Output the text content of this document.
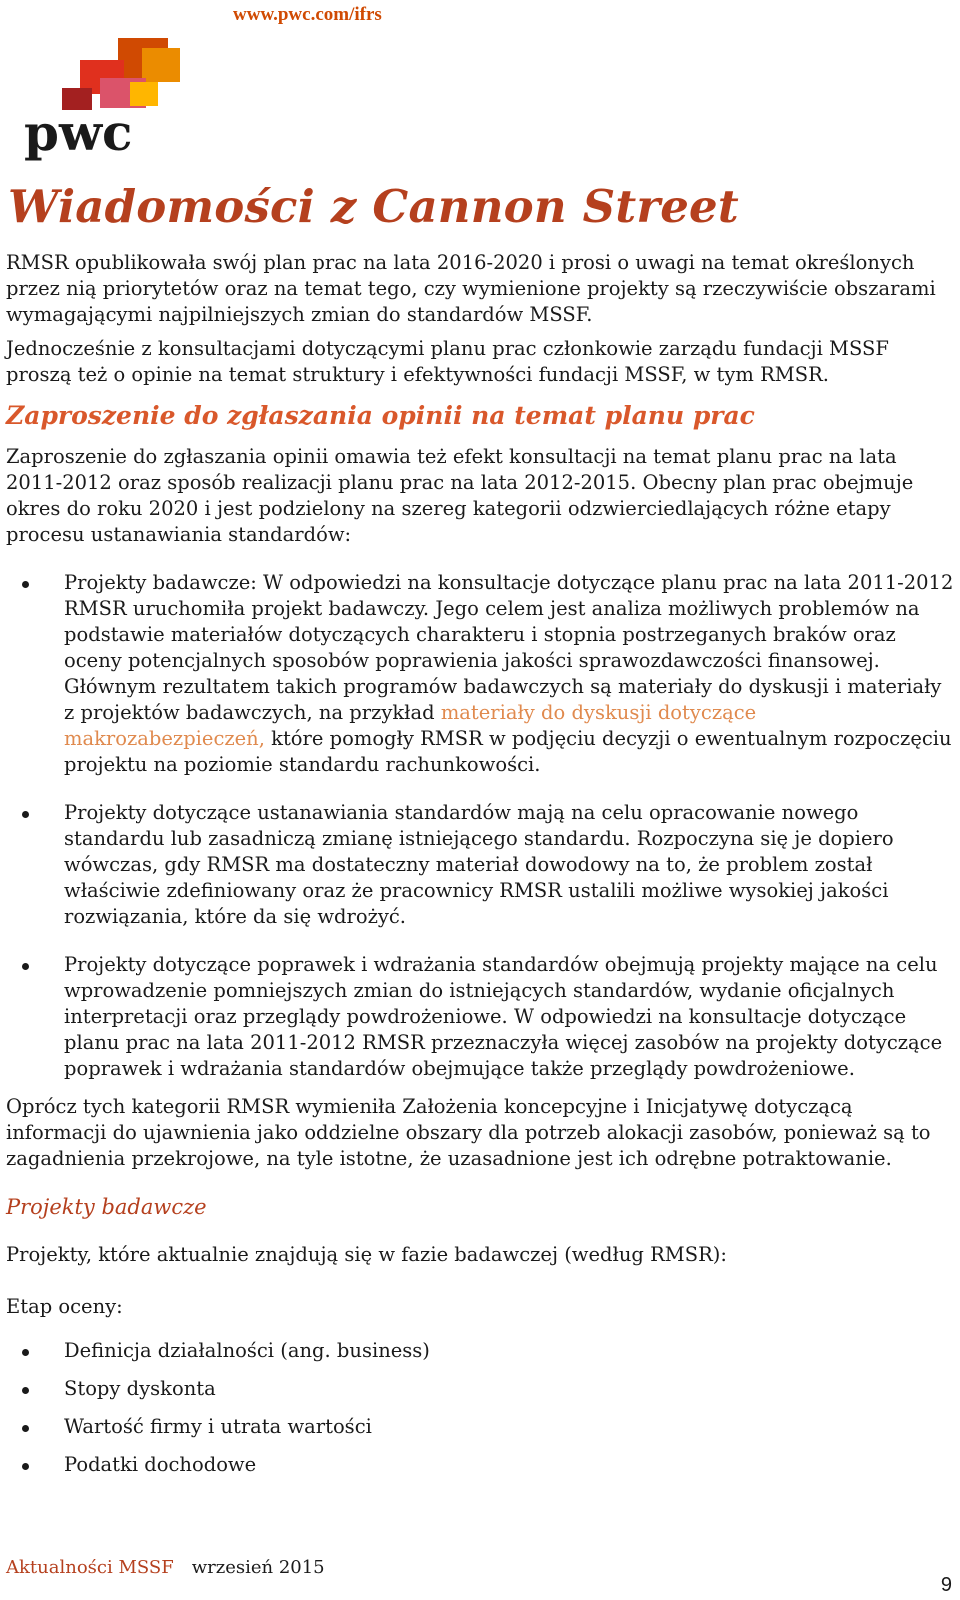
www.pwc.com/ifrs
pwc
Wiadomości z Cannon Street

RMSR opublikowała swój plan prac na lata 2016-2020 i prosi o uwagi na temat określonych przez nią priorytetów oraz na temat tego, czy wymienione projekty są rzeczywiście obszarami wymagającymi najpilniejszych zmian do standardów MSSF.

Jednocześnie z konsultacjami dotyczącymi planu prac członkowie zarządu fundacji MSSF proszą też o opinie na temat struktury i efektywności fundacji MSSF, w tym RMSR.

Zaproszenie do zgłaszania opinii na temat planu prac

Zaproszenie do zgłaszania opinii omawia też efekt konsultacji na temat planu prac na lata 2011-2012 oraz sposób realizacji planu prac na lata 2012-2015. Obecny plan prac obejmuje okres do roku 2020 i jest podzielony na szereg kategorii odzwierciedlających różne etapy procesu ustanawiania standardów:

Projekty badawcze: W odpowiedzi na konsultacje dotyczące planu prac na lata 2011-2012 RMSR uruchomiła projekt badawczy. Jego celem jest analiza możliwych problemów na podstawie materiałów dotyczących charakteru i stopnia postrzeganych braków oraz oceny potencjalnych sposobów poprawienia jakości sprawozdawczości finansowej. Głównym rezultatem takich programów badawczych są materiały do dyskusji i materiały z projektów badawczych, na przykład materiały do dyskusji dotyczące makrozabezpieczeń, które pomogły RMSR w podjęciu decyzji o ewentualnym rozpoczęciu projektu na poziomie standardu rachunkowości.
Projekty dotyczące ustanawiania standardów mają na celu opracowanie nowego standardu lub zasadniczą zmianę istniejącego standardu. Rozpoczyna się je dopiero wówczas, gdy RMSR ma dostateczny materiał dowodowy na to, że problem został właściwie zdefiniowany oraz że pracownicy RMSR ustalili możliwe wysokiej jakości rozwiązania, które da się wdrożyć.
Projekty dotyczące poprawek i wdrażania standardów obejmują projekty mające na celu wprowadzenie pomniejszych zmian do istniejących standardów, wydanie oficjalnych interpretacji oraz przeglądy powdrożeniowe. W odpowiedzi na konsultacje dotyczące planu prac na lata 2011-2012 RMSR przeznaczyła więcej zasobów na projekty dotyczące poprawek i wdrażania standardów obejmujące także przeglądy powdrożeniowe.

Oprócz tych kategorii RMSR wymieniła Założenia koncepcyjne i Inicjatywę dotyczącą informacji do ujawnienia jako oddzielne obszary dla potrzeb alokacji zasobów, ponieważ są to zagadnienia przekrojowe, na tyle istotne, że uzasadnione jest ich odrębne potraktowanie.

Projekty badawcze

Projekty, które aktualnie znajdują się w fazie badawczej (według RMSR):

Etap oceny:

Definicja działalności (ang. business)
Stopy dyskonta
Wartość firmy i utrata wartości
Podatki dochodowe
Aktualności MSSF wrzesień 2015
9
